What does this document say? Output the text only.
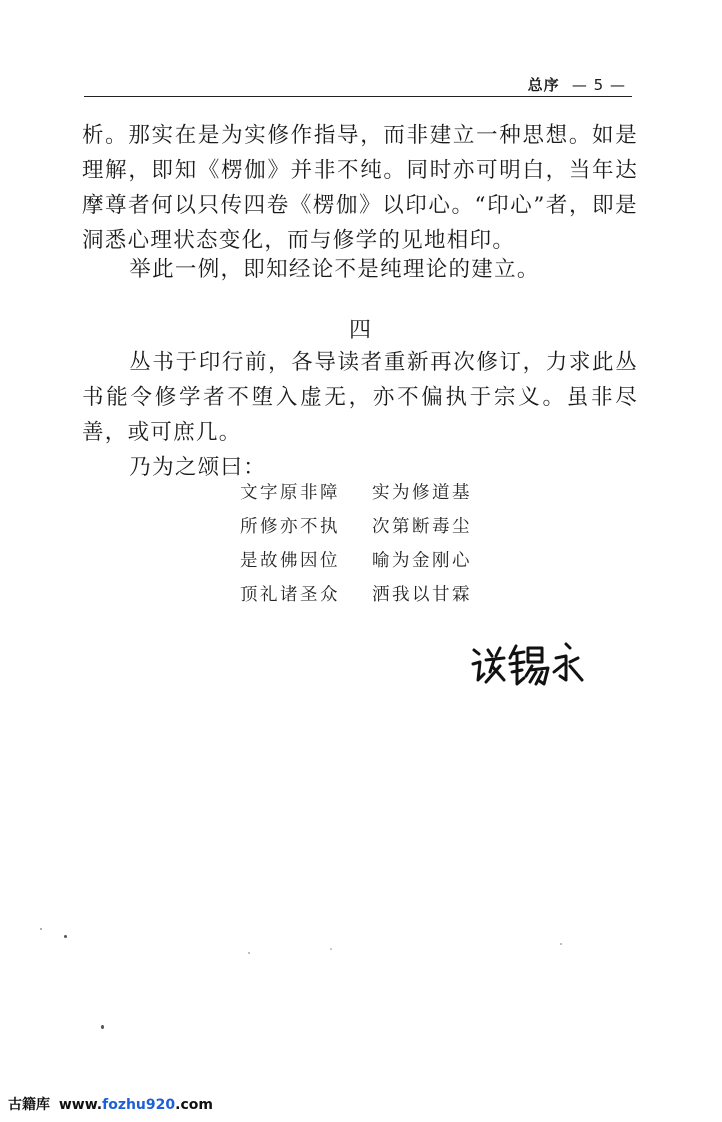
总序 — 5 —

析。那实在是为实修作指导，而非建立一种思想。如是理解，即知《楞伽》并非不纯。同时亦可明白，当年达摩尊者何以只传四卷《楞伽》以印心。“印心”者，即是洞悉心理状态变化，而与修学的见地相印。

举此一例，即知经论不是纯理论的建立。

四

丛书于印行前，各导读者重新再次修订，力求此丛书能令修学者不堕入虚无，亦不偏执于宗义。虽非尽善，或可庶几。

乃为之颂曰：

文字原非障	实为修道基
所修亦不执	次第断毒尘
是故佛因位	喻为金刚心
顶礼诸圣众	洒我以甘霖
古籍库 www.fozhu920.com
